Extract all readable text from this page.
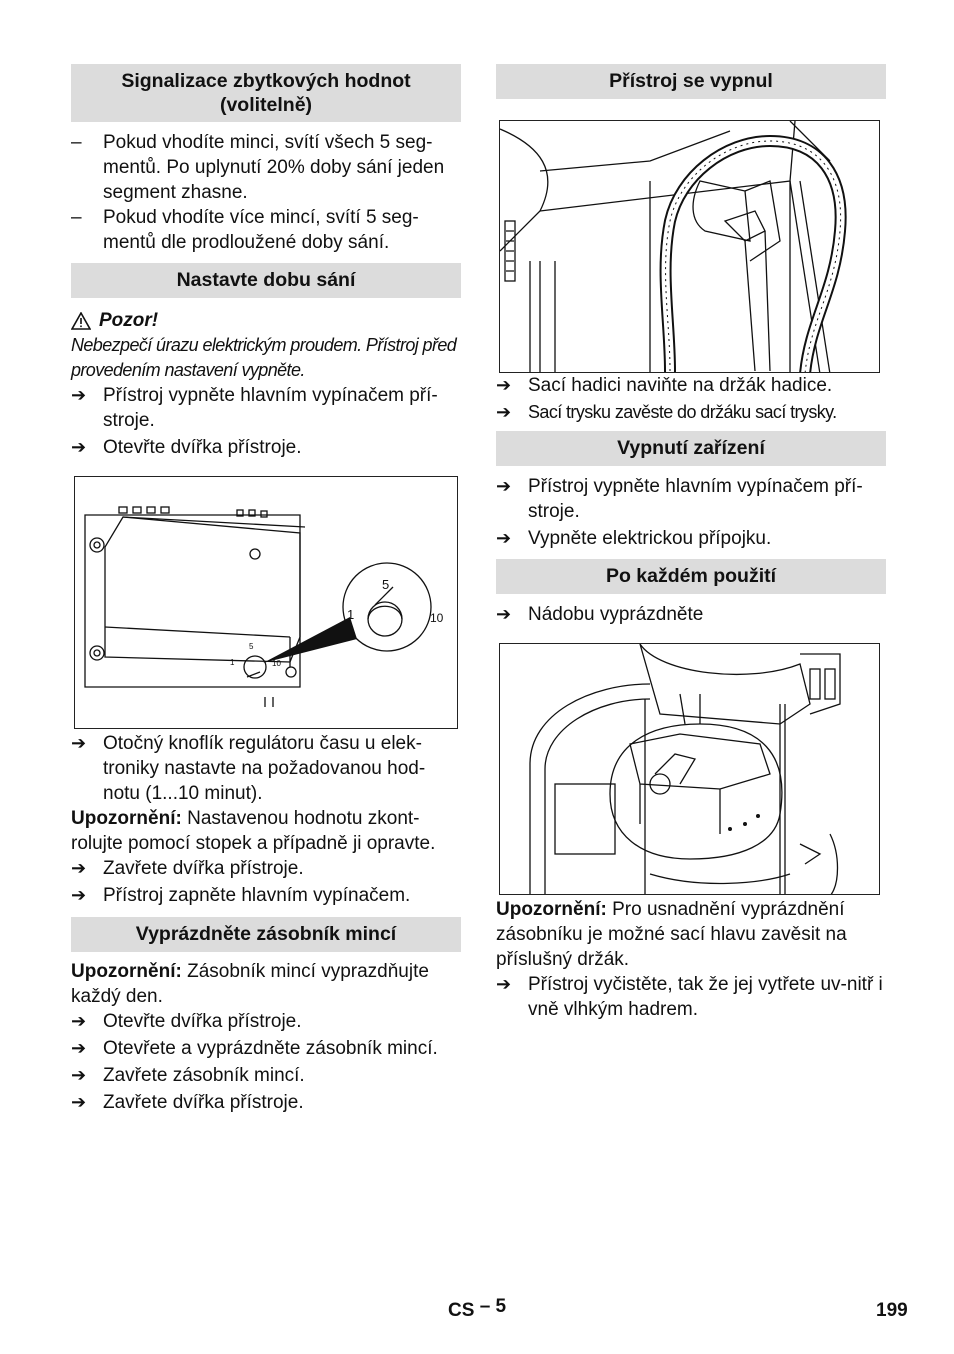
Signalizace zbytkových hodnot (volitelně)
– Pokud vhodíte minci, svítí všech 5 seg-mentů. Po uplynutí 20% doby sání jeden segment zhasne.
– Pokud vhodíte více mincí, svítí 5 seg-mentů dle prodloužené doby sání.
Nastavte dobu sání
Pozor!

Nebezpečí úrazu elektrickým proudem. Přístroj před provedením nastavení vypněte.

➔ Přístroj vypněte hlavním vypínačem pří-stroje.
➔ Otevřte dvířka přístroje.
5
1	10
5
1	10
➔ Otočný knoflík regulátoru času u elek-troniky nastavte na požadovanou hod-notu (1...10 minut).

Upozornění: Nastavenou hodnotu zkont-rolujte pomocí stopek a případně ji opravte.

➔ Zavřete dvířka přístroje.
➔ Přístroj zapněte hlavním vypínačem.
Vyprázdněte zásobník mincí

Upozornění: Zásobník mincí vyprazdňujte každý den.

➔ Otevřte dvířka přístroje.
➔ Otevřete a vyprázdněte zásobník mincí.
➔ Zavřete zásobník mincí.
➔ Zavřete dvířka přístroje.
Přístroj se vypnul
➔ Sací hadici naviňte na držák hadice.
➔ Sací trysku zavěste do držáku sací trysky.
Vypnutí zařízení
➔ Přístroj vypněte hlavním vypínačem pří-stroje.
➔ Vypněte elektrickou přípojku.
Po každém použití
➔ Nádobu vyprázdněte

Upozornění: Pro usnadnění vyprázdnění zásobníku je možné sací hlavu zavěsit na příslušný držák.

➔ Přístroj vyčistěte, tak že jej vytřete uv-nitř i vně vlhkým hadrem.
CS – 5	199
